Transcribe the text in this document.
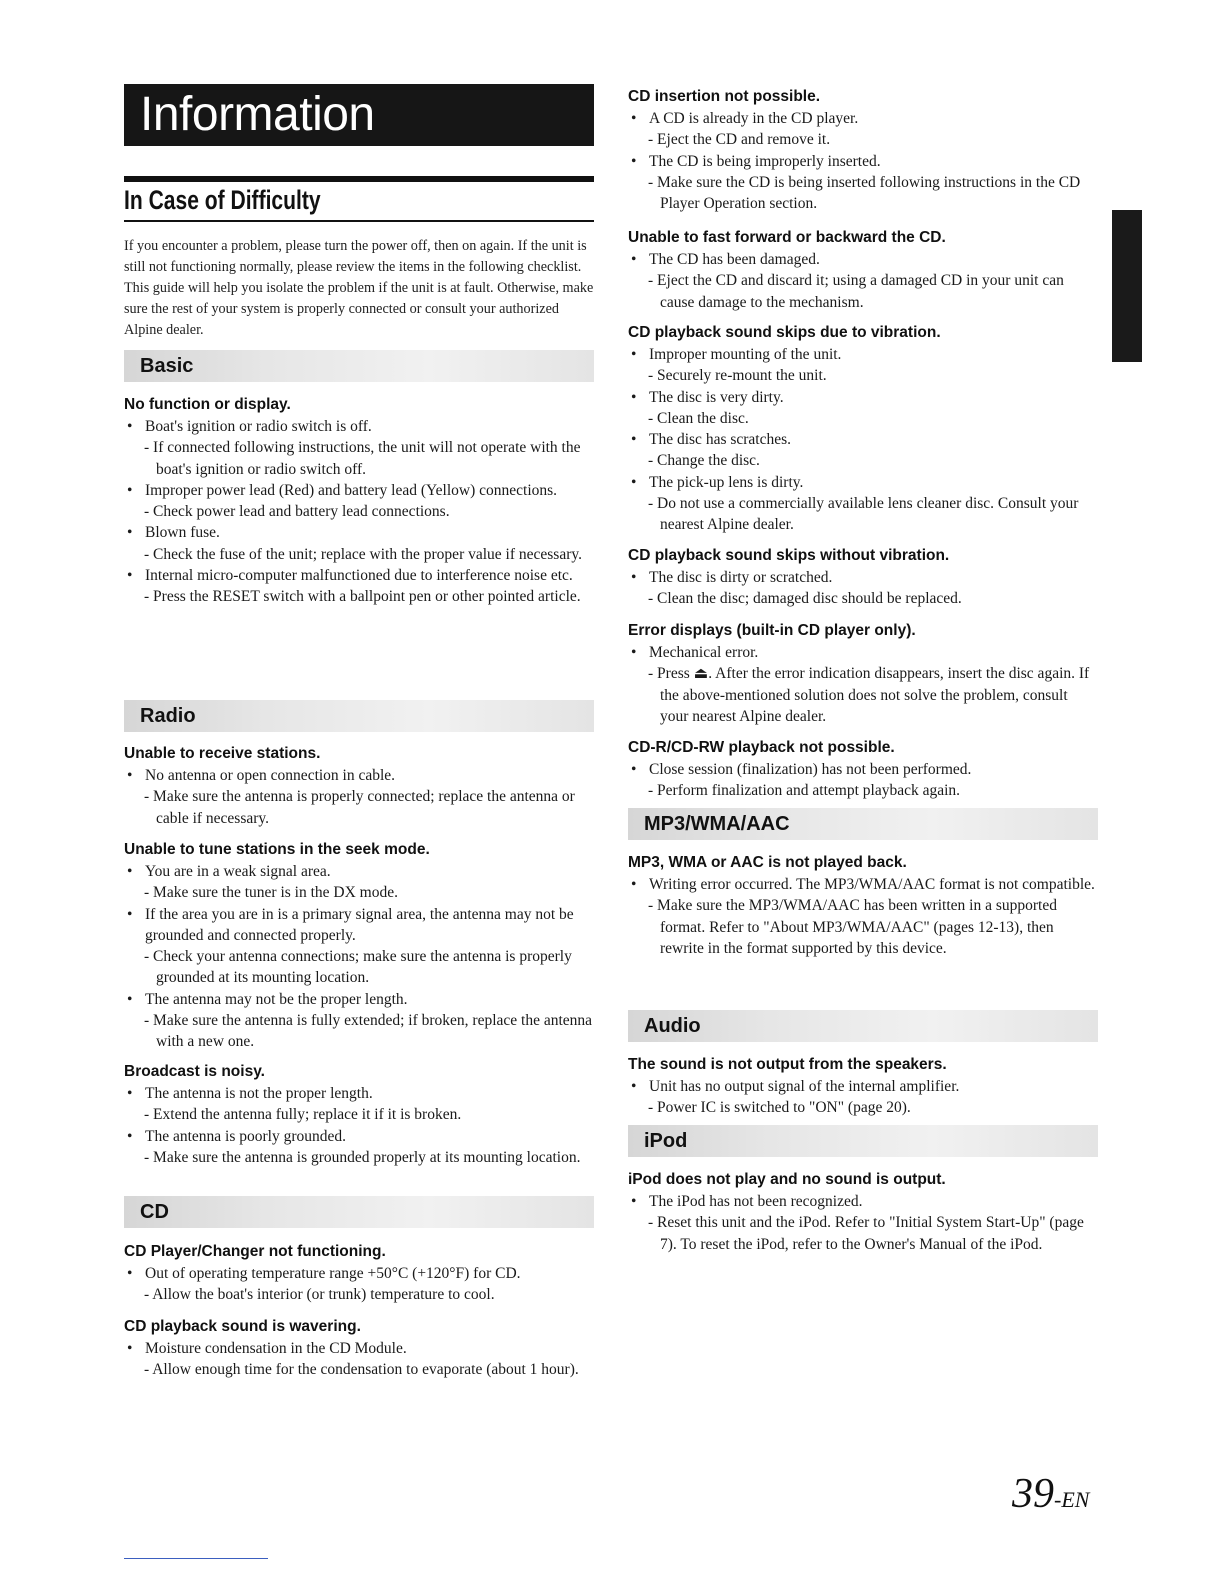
Information
In Case of Difficulty
If you encounter a problem, please turn the power off, then on again. If the unit is still not functioning normally, please review the items in the following checklist. This guide will help you isolate the problem if the unit is at fault. Otherwise, make sure the rest of your system is properly connected or consult your authorized Alpine dealer.
Basic
No function or display.
• Boat's ignition or radio switch is off.
- If connected following instructions, the unit will not operate with the boat's ignition or radio switch off.
• Improper power lead (Red) and battery lead (Yellow) connections.
- Check power lead and battery lead connections.
• Blown fuse.
- Check the fuse of the unit; replace with the proper value if necessary.
• Internal micro-computer malfunctioned due to interference noise etc.
- Press the RESET switch with a ballpoint pen or other pointed article.
Radio
Unable to receive stations.
• No antenna or open connection in cable.
- Make sure the antenna is properly connected; replace the antenna or cable if necessary.
Unable to tune stations in the seek mode.
• You are in a weak signal area.
- Make sure the tuner is in the DX mode.
• If the area you are in is a primary signal area, the antenna may not be grounded and connected properly.
- Check your antenna connections; make sure the antenna is properly grounded at its mounting location.
• The antenna may not be the proper length.
- Make sure the antenna is fully extended; if broken, replace the antenna with a new one.
Broadcast is noisy.
• The antenna is not the proper length.
- Extend the antenna fully; replace it if it is broken.
• The antenna is poorly grounded.
- Make sure the antenna is grounded properly at its mounting location.
CD
CD Player/Changer not functioning.
• Out of operating temperature range +50°C (+120°F) for CD.
- Allow the boat's interior (or trunk) temperature to cool.
CD playback sound is wavering.
• Moisture condensation in the CD Module.
- Allow enough time for the condensation to evaporate (about 1 hour).
CD insertion not possible.
• A CD is already in the CD player.
- Eject the CD and remove it.
• The CD is being improperly inserted.
- Make sure the CD is being inserted following instructions in the CD Player Operation section.
Unable to fast forward or backward the CD.
• The CD has been damaged.
- Eject the CD and discard it; using a damaged CD in your unit can cause damage to the mechanism.
CD playback sound skips due to vibration.
• Improper mounting of the unit.
- Securely re-mount the unit.
• The disc is very dirty.
- Clean the disc.
• The disc has scratches.
- Change the disc.
• The pick-up lens is dirty.
- Do not use a commercially available lens cleaner disc. Consult your nearest Alpine dealer.
CD playback sound skips without vibration.
• The disc is dirty or scratched.
- Clean the disc; damaged disc should be replaced.
Error displays (built-in CD player only).
• Mechanical error.
- Press ⏏. After the error indication disappears, insert the disc again. If the above-mentioned solution does not solve the problem, consult your nearest Alpine dealer.
CD-R/CD-RW playback not possible.
• Close session (finalization) has not been performed.
- Perform finalization and attempt playback again.
MP3/WMA/AAC
MP3, WMA or AAC is not played back.
• Writing error occurred. The MP3/WMA/AAC format is not compatible.
- Make sure the MP3/WMA/AAC has been written in a supported format. Refer to "About MP3/WMA/AAC" (pages 12-13), then rewrite in the format supported by this device.
Audio
The sound is not output from the speakers.
• Unit has no output signal of the internal amplifier.
- Power IC is switched to "ON" (page 20).
iPod
iPod does not play and no sound is output.
• The iPod has not been recognized.
- Reset this unit and the iPod. Refer to "Initial System Start-Up" (page 7). To reset the iPod, refer to the Owner's Manual of the iPod.
39-EN
